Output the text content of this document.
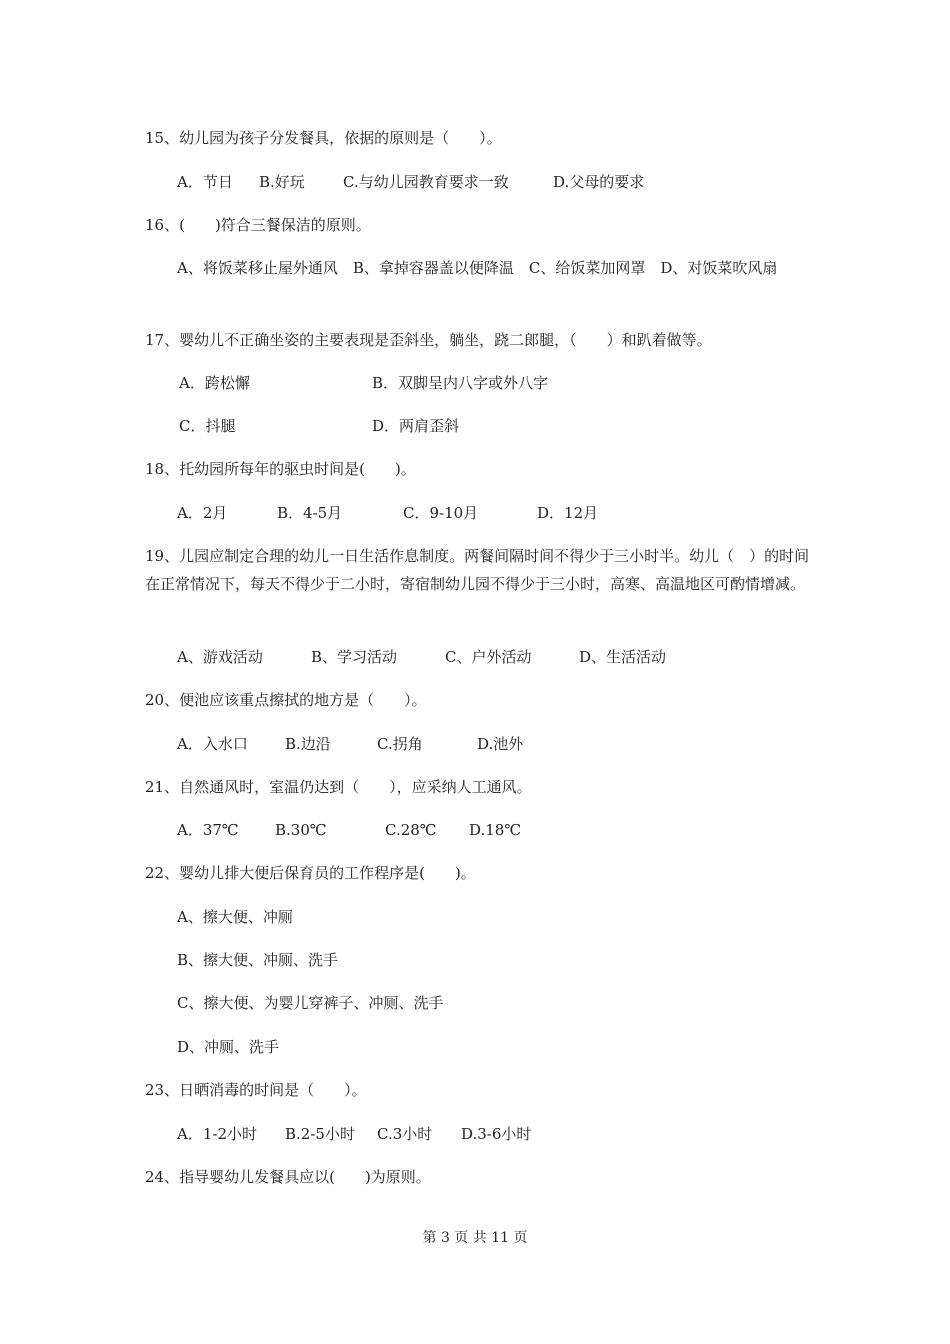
15、幼儿园为孩子分发餐具，依据的原则是（　　）。
A．节日 B.好玩	C.与幼儿园教育要求一致	D.父母的要求
16、(　　)符合三餐保洁的原则。
A、将饭菜移止屋外通风　B、拿掉容器盖以便降温　C、给饭菜加网罩　D、对饭菜吹风扇
17、婴幼儿不正确坐姿的主要表现是歪斜坐，躺坐，跷二郎腿，（　　）和趴着做等。
A．跨松懈	B．双脚呈内八字或外八字
C．抖腿	D．两肩歪斜
18、托幼园所每年的驱虫时间是(　　)。
A．2月	B．4-5月	C．9-10月	D．12月
19、儿园应制定合理的幼儿一日生活作息制度。两餐间隔时间不得少于三小时半。幼儿（　）的时间在正常情况下，每天不得少于二小时，寄宿制幼儿园不得少于三小时，高寒、高温地区可酌情增减。
A、游戏活动	B、学习活动	C、户外活动	D、生活活动
20、便池应该重点擦拭的地方是（　　）。
A．入水口 B.边沿	C.拐角	D.池外
21、自然通风时，室温仍达到（　　），应采纳人工通风。
A．37℃ B.30℃	C.28℃ D.18℃
22、婴幼儿排大便后保育员的工作程序是(　　)。
A、擦大便、冲厕
B、擦大便、冲厕、洗手
C、擦大便、为婴儿穿裤子、冲厕、洗手
D、冲厕、洗手
23、日晒消毒的时间是（　　）。
A．1-2小时 B.2-5小时 C.3小时 D.3-6小时
24、指导婴幼儿发餐具应以(　　)为原则。
第 3 页 共 11 页
